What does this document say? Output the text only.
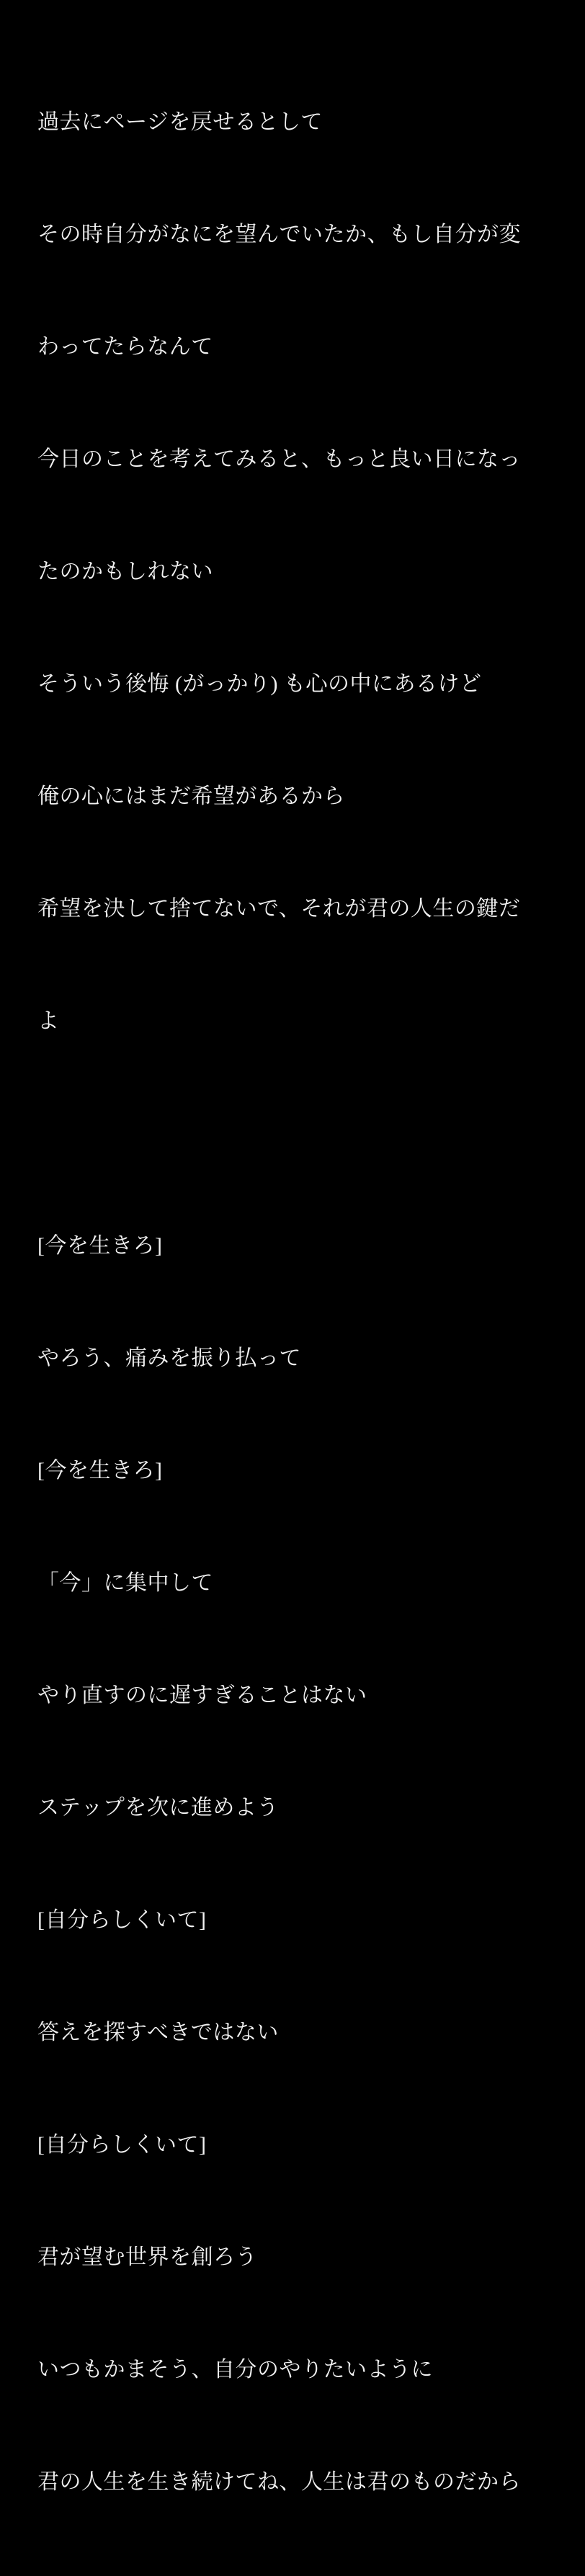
過去にページを戻せるとして

その時自分がなにを望んでいたか、もし自分が変

わってたらなんて

今日のことを考えてみると、もっと良い日になっ

たのかもしれない

そういう後悔 (がっかり) も心の中にあるけど

俺の心にはまだ希望があるから

希望を決して捨てないで、それが君の人生の鍵だ

よ

[今を生きろ]

やろう、痛みを振り払って

[今を生きろ]

「今」に集中して

やり直すのに遅すぎることはない

ステップを次に進めよう

[自分らしくいて]

答えを探すべきではない

[自分らしくいて]

君が望む世界を創ろう

いつもかまそう、自分のやりたいように

君の人生を生き続けてね、人生は君のものだから
